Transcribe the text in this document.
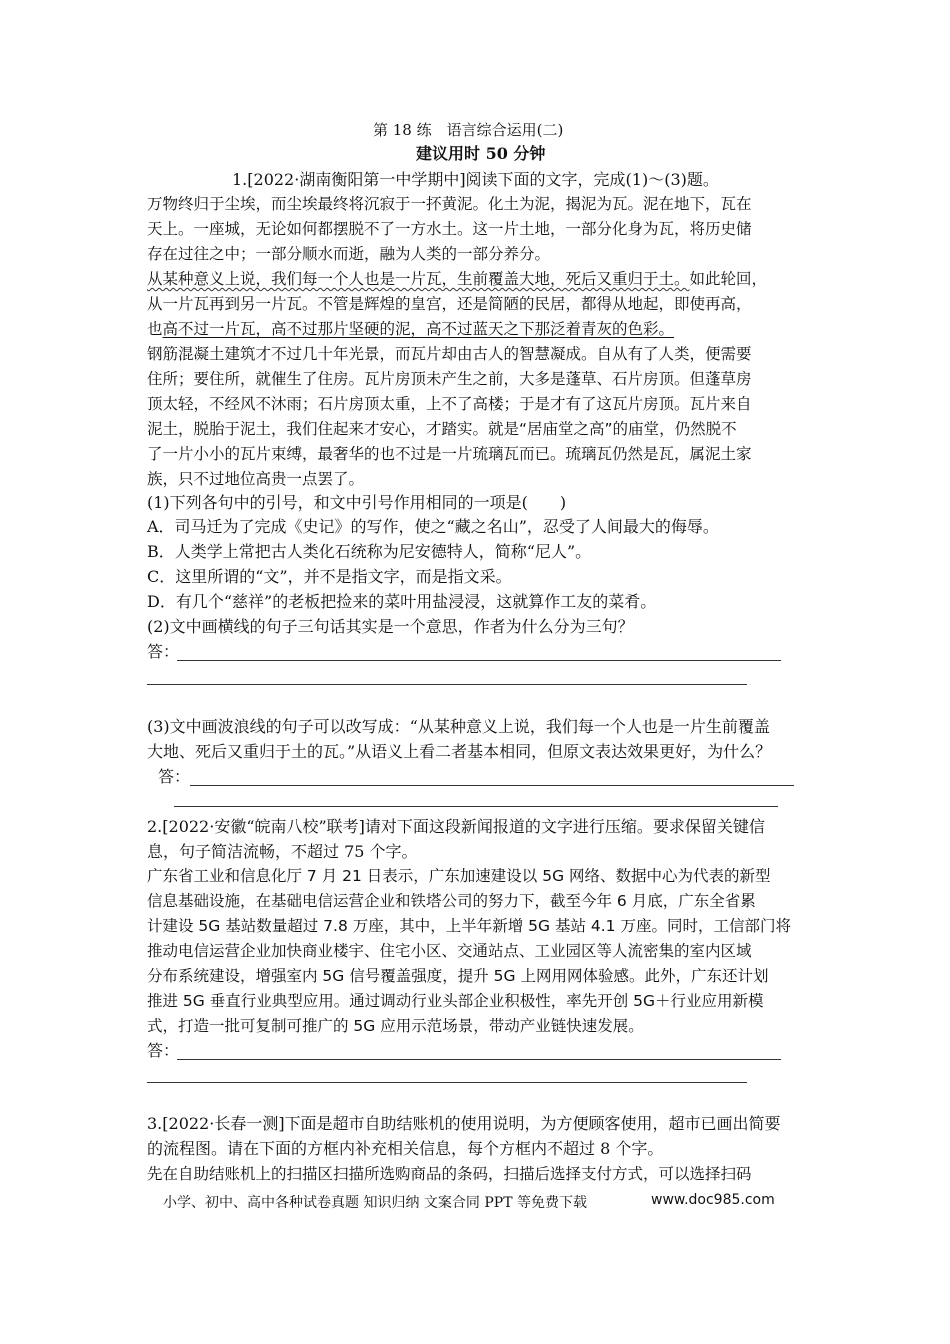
第 18 练　语言综合运用(二)
建议用时 50 分钟
1.[2022·湖南衡阳第一中学期中]阅读下面的文字，完成(1)～(3)题。
万物终归于尘埃，而尘埃最终将沉寂于一抔黄泥。化土为泥，揭泥为瓦。泥在地下，瓦在
天上。一座城，无论如何都摆脱不了一方水土。这一片土地，一部分化身为瓦，将历史储
存在过往之中；一部分顺水而逝，融为人类的一部分养分。
从某种意义上说，我们每一个人也是一片瓦，生前覆盖大地，死后又重归于土。如此轮回，
从一片瓦再到另一片瓦。不管是辉煌的皇宫，还是简陋的民居，都得从地起，即使再高，
也高不过一片瓦，高不过那片坚硬的泥，高不过蓝天之下那泛着青灰的色彩。
钢筋混凝土建筑才不过几十年光景，而瓦片却由古人的智慧凝成。自从有了人类，便需要
住所；要住所，就催生了住房。瓦片房顶未产生之前，大多是蓬草、石片房顶。但蓬草房
顶太轻，不经风不沐雨；石片房顶太重，上不了高楼；于是才有了这瓦片房顶。瓦片来自
泥土，脱胎于泥土，我们住起来才安心，才踏实。就是“居庙堂之高”的庙堂，仍然脱不
了一片小小的瓦片束缚，最奢华的也不过是一片琉璃瓦而已。琉璃瓦仍然是瓦，属泥土家
族，只不过地位高贵一点罢了。
(1)下列各句中的引号，和文中引号作用相同的一项是(　　)
A．司马迁为了完成《史记》的写作，使之“藏之名山”，忍受了人间最大的侮辱。
B．人类学上常把古人类化石统称为尼安德特人，简称“尼人”。
C．这里所谓的“文”，并不是指文字，而是指文采。
D．有几个“慈祥”的老板把捡来的菜叶用盐浸浸，这就算作工友的菜肴。
(2)文中画横线的句子三句话其实是一个意思，作者为什么分为三句？
答：
(3)文中画波浪线的句子可以改写成：“从某种意义上说，我们每一个人也是一片生前覆盖
大地、死后又重归于土的瓦。”从语义上看二者基本相同，但原文表达效果更好，为什么？
答：
2.[2022·安徽“皖南八校”联考]请对下面这段新闻报道的文字进行压缩。要求保留关键信
息，句子简洁流畅，不超过 75 个字。
广东省工业和信息化厅 7 月 21 日表示，广东加速建设以 5G 网络、数据中心为代表的新型
信息基础设施，在基础电信运营企业和铁塔公司的努力下，截至今年 6 月底，广东全省累
计建设 5G 基站数量超过 7.8 万座，其中，上半年新增 5G 基站 4.1 万座。同时，工信部门将
推动电信运营企业加快商业楼宇、住宅小区、交通站点、工业园区等人流密集的室内区域
分布系统建设，增强室内 5G 信号覆盖强度，提升 5G 上网用网体验感。此外，广东还计划
推进 5G 垂直行业典型应用。通过调动行业头部企业积极性，率先开创 5G＋行业应用新模
式，打造一批可复制可推广的 5G 应用示范场景，带动产业链快速发展。
答：
3.[2022·长春一测]下面是超市自助结账机的使用说明，为方便顾客使用，超市已画出简要
的流程图。请在下面的方框内补充相关信息，每个方框内不超过 8 个字。
先在自助结账机上的扫描区扫描所选购商品的条码，扫描后选择支付方式，可以选择扫码
小学、初中、高中各种试卷真题 知识归纳 文案合同 PPT 等免费下载	www.doc985.com
